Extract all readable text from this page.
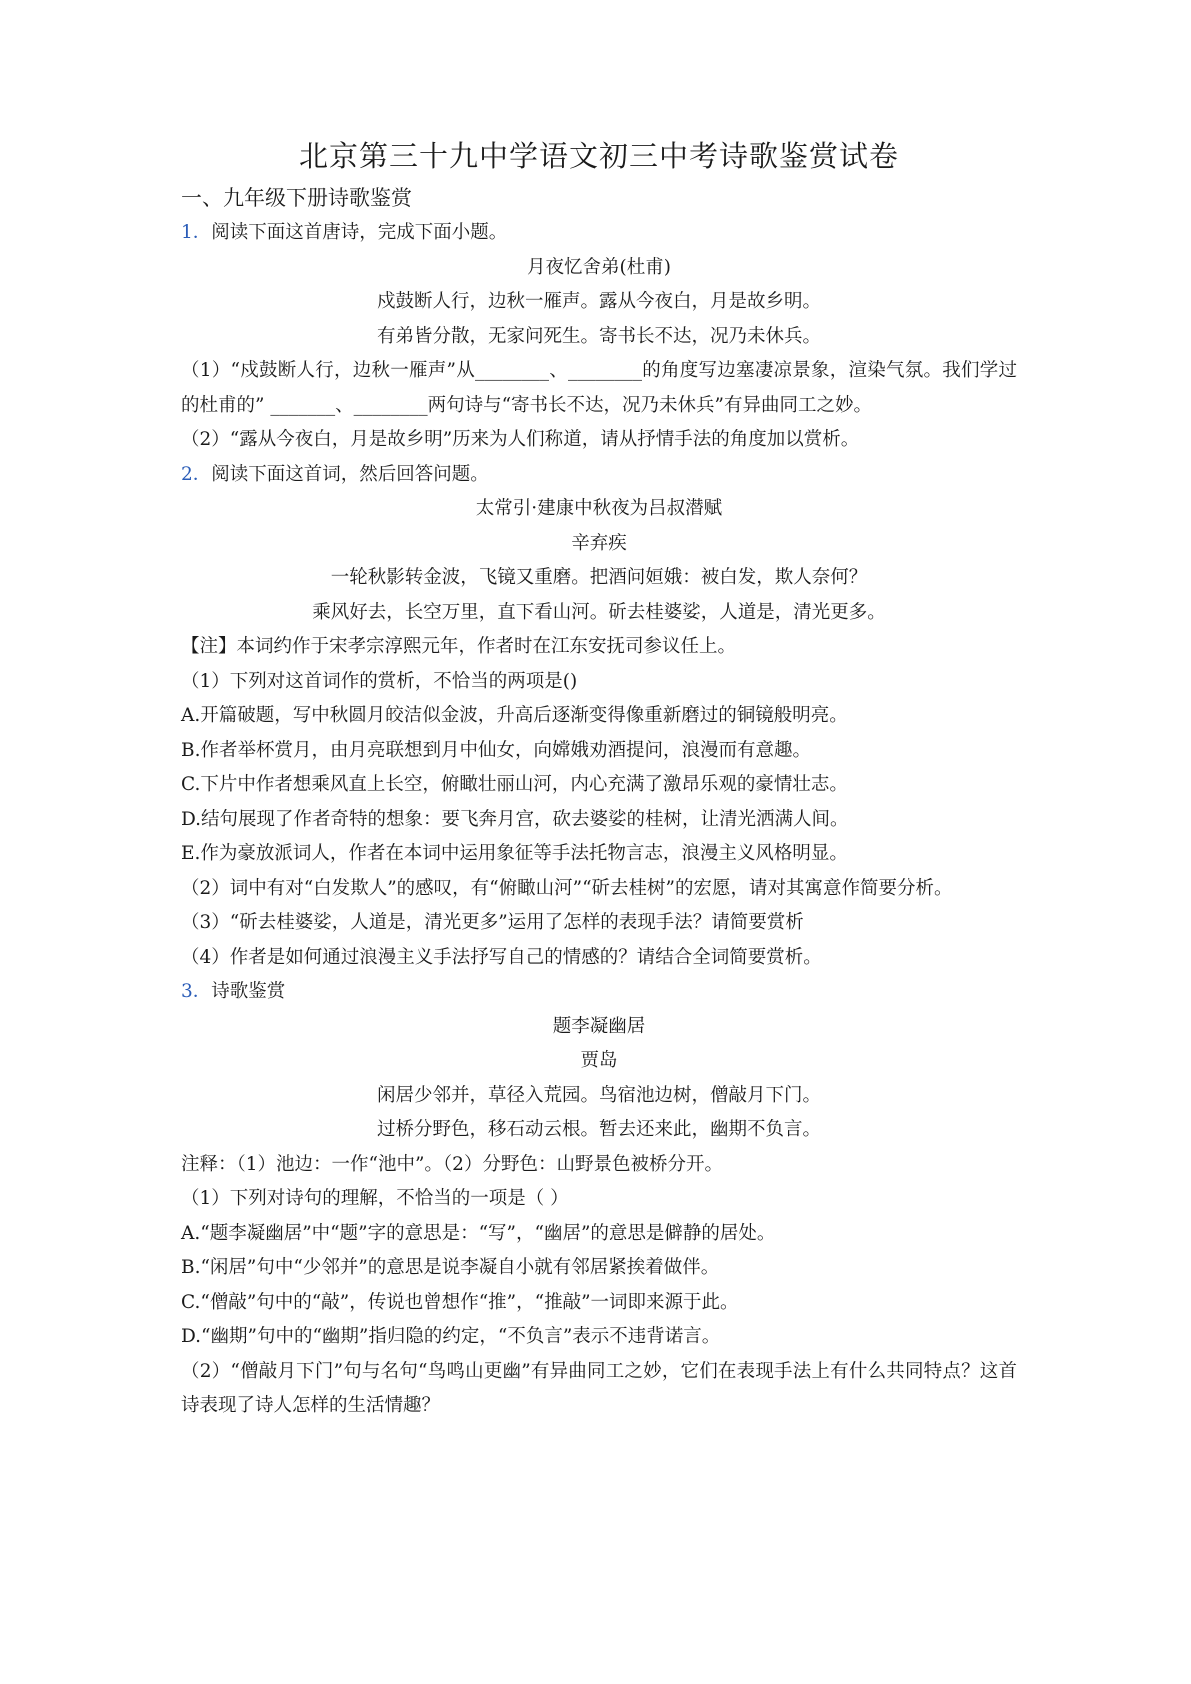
北京第三十九中学语文初三中考诗歌鉴赏试卷

一、九年级下册诗歌鉴赏

1．阅读下面这首唐诗，完成下面小题。

月夜忆舍弟(杜甫)

戍鼓断人行，边秋一雁声。露从今夜白，月是故乡明。

有弟皆分散，无家问死生。寄书长不达，况乃未休兵。

（1）“戍鼓断人行，边秋一雁声”从________、________的角度写边塞凄凉景象，渲染气氛。我们学过的杜甫的” _______、________两句诗与“寄书长不达，况乃未休兵”有异曲同工之妙。

（2）“露从今夜白，月是故乡明”历来为人们称道，请从抒情手法的角度加以赏析。

2．阅读下面这首词，然后回答问题。

太常引·建康中秋夜为吕叔潜赋

辛弃疾

一轮秋影转金波，飞镜又重磨。把酒问姮娥：被白发，欺人奈何？

乘风好去，长空万里，直下看山河。斫去桂婆娑，人道是，清光更多。

【注】本词约作于宋孝宗淳熙元年，作者时在江东安抚司参议任上。

（1）下列对这首词作的赏析，不恰当的两项是()

A.开篇破题，写中秋圆月皎洁似金波，升高后逐渐变得像重新磨过的铜镜般明亮。

B.作者举杯赏月，由月亮联想到月中仙女，向嫦娥劝酒提问，浪漫而有意趣。

C.下片中作者想乘风直上长空，俯瞰壮丽山河，内心充满了激昂乐观的豪情壮志。

D.结句展现了作者奇特的想象：要飞奔月宫，砍去婆娑的桂树，让清光洒满人间。

E.作为豪放派词人，作者在本词中运用象征等手法托物言志，浪漫主义风格明显。

（2）词中有对“白发欺人”的感叹，有“俯瞰山河”“斫去桂树”的宏愿，请对其寓意作简要分析。

（3）“斫去桂婆娑，人道是，清光更多”运用了怎样的表现手法？请简要赏析

（4）作者是如何通过浪漫主义手法抒写自己的情感的？请结合全词简要赏析。

3．诗歌鉴赏

题李凝幽居

贾岛

闲居少邻并，草径入荒园。鸟宿池边树，僧敲月下门。

过桥分野色，移石动云根。暂去还来此，幽期不负言。

注释：（1）池边：一作“池中”。（2）分野色：山野景色被桥分开。

（1）下列对诗句的理解，不恰当的一项是（ ）

A.“题李凝幽居”中“题”字的意思是：“写”，“幽居”的意思是僻静的居处。

B.“闲居”句中“少邻并”的意思是说李凝自小就有邻居紧挨着做伴。

C.“僧敲”句中的“敲”，传说也曾想作“推”，“推敲”一词即来源于此。

D.“幽期”句中的“幽期”指归隐的约定，“不负言”表示不违背诺言。

（2）“僧敲月下门”句与名句“鸟鸣山更幽”有异曲同工之妙，它们在表现手法上有什么共同特点？这首诗表现了诗人怎样的生活情趣？
